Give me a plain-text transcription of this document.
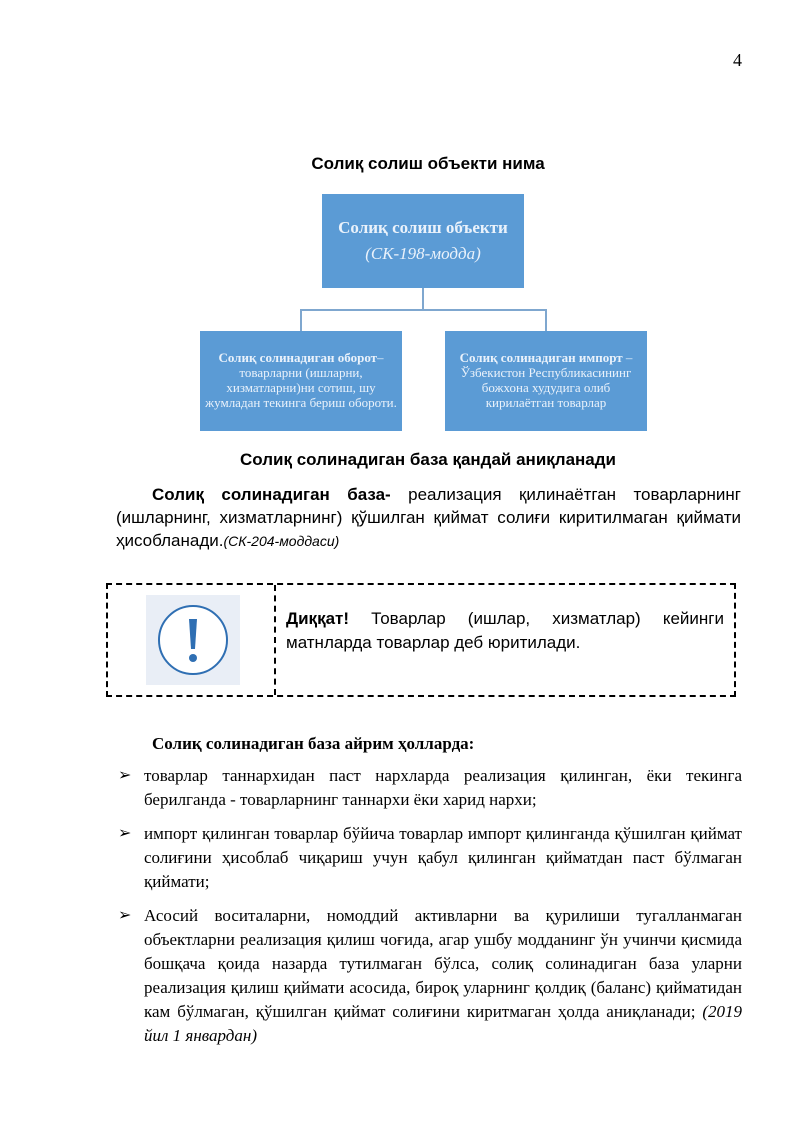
4
Солиқ солиш объекти нима
Солиқ солиш объекти
(СК-198-модда)
Солиқ солинадиган оборот–товарларни (ишларни, хизматларни)ни сотиш, шу жумладан текинга бериш обороти.
Солиқ солинадиган импорт – Ўзбекистон Республикасининг божхона худудига олиб кирилаётган товарлар
Солиқ солинадиган база қандай аниқланади
Солиқ солинадиган база- реализация қилинаётган товарларнинг (ишларнинг, хизматларнинг) қўшилган қиймат солиғи киритилмаган қиймати ҳисобланади.(СК-204-моддаси)
Диққат! Товарлар (ишлар, хизматлар) кейинги матнларда товарлар деб юритилади.
Солиқ солинадиган база айрим ҳолларда:
➢ товарлар таннархидан паст нархларда реализация қилинган, ёки текинга берилганда - товарларнинг таннархи ёки харид нархи;
➢ импорт қилинган товарлар бўйича товарлар импорт қилинганда қўшилган қиймат солиғини ҳисоблаб чиқариш учун қабул қилинган қийматдан паст бўлмаган қиймати;
➢ Асосий воситаларни, номоддий активларни ва қурилиши тугалланмаган объектларни реализация қилиш чоғида, агар ушбу модданинг ўн учинчи қисмида бошқача қоида назарда тутилмаган бўлса, солиқ солинадиган база уларни реализация қилиш қиймати асосида, бироқ уларнинг қолдиқ (баланс) қийматидан кам бўлмаган, қўшилган қиймат солиғини киритмаган ҳолда аниқланади; (2019 йил 1 январдан)
